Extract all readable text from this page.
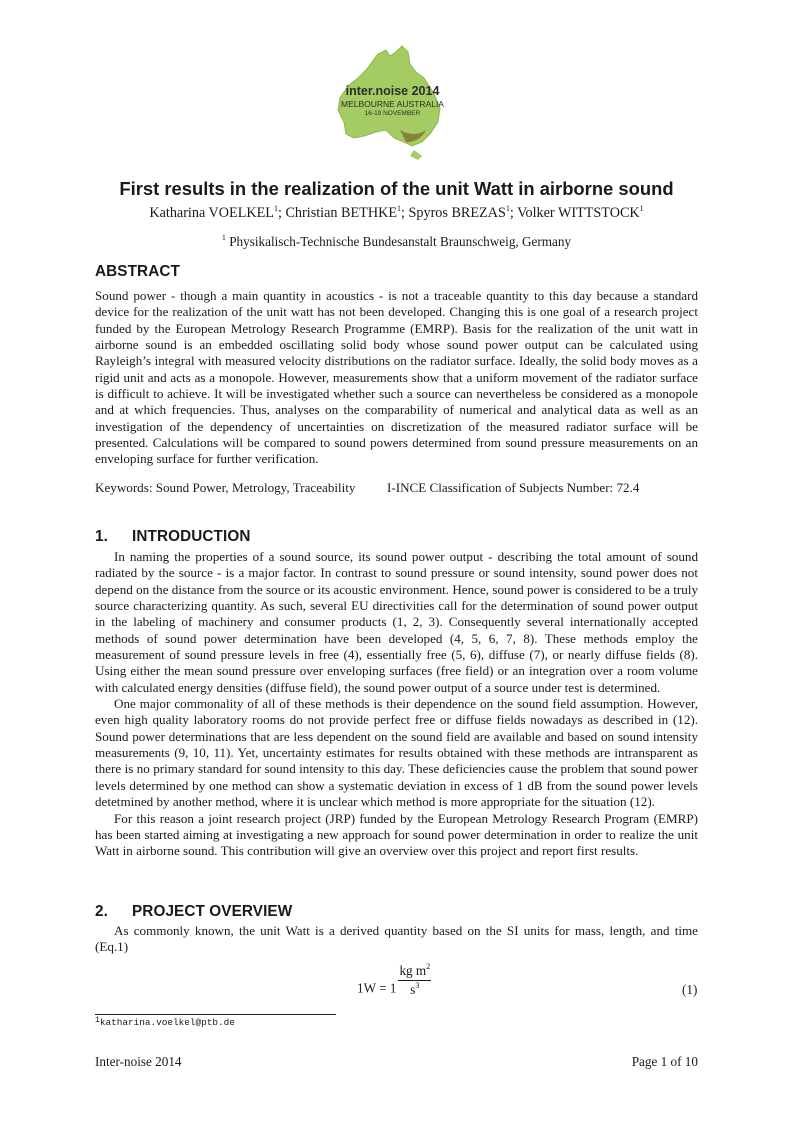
inter.noise 2014
MELBOURNE AUSTRALIA
16-19 NOVEMBER
First results in the realization of the unit Watt in airborne sound
Katharina VOELKEL$^1$; Christian BETHKE$^1$; Spyros BREZAS$^1$; Volker WITTSTOCK$^1$
$^1$ Physikalisch-Technische Bundesanstalt Braunschweig, Germany
ABSTRACT

Sound power - though a main quantity in acoustics - is not a traceable quantity to this day because a standard device for the realization of the unit watt has not been developed. Changing this is one goal of a research project funded by the European Metrology Research Programme (EMRP). Basis for the realization of the unit watt in airborne sound is an embedded oscillating solid body whose sound power output can be calculated using Rayleigh’s integral with measured velocity distributions on the radiator surface. Ideally, the solid body moves as a rigid unit and acts as a monopole. However, measurements show that a uniform movement of the radiator surface is difficult to achieve. It will be investigated whether such a source can nevertheless be considered as a monopole and at which frequencies. Thus, analyses on the comparability of numerical and analytical data as well as an investigation of the dependency of uncertainties on discretization of the measured radiator surface will be presented. Calculations will be compared to sound powers determined from sound pressure measurements on an enveloping surface for further verification.

Keywords: Sound Power, Metrology, Traceability I-INCE Classification of Subjects Number: 72.4
1. INTRODUCTION

In naming the properties of a sound source, its sound power output - describing the total amount of sound radiated by the source - is a major factor. In contrast to sound pressure or sound intensity, sound power does not depend on the distance from the source or its acoustic environment. Hence, sound power is considered to be a truly source characterizing quantity. As such, several EU directivities call for the determination of sound power output in the labeling of machinery and consumer products (1, 2, 3). Consequently several internationally accepted methods of sound power determination have been developed (4, 5, 6, 7, 8). These methods employ the measurement of sound pressure levels in free (4), essentially free (5, 6), diffuse (7), or nearly diffuse fields (8). Using either the mean sound pressure over enveloping surfaces (free field) or an integration over a room volume with calculated energy densities (diffuse field), the sound power output of a source under test is determined.

One major commonality of all of these methods is their dependence on the sound field assumption. However, even high quality laboratory rooms do not provide perfect free or diffuse fields nowadays as described in (12). Sound power determinations that are less dependent on the sound field are available and based on sound intensity measurements (9, 10, 11). Yet, uncertainty estimates for results obtained with these methods are intransparent as there is no primary standard for sound intensity to this day. These deficiencies cause the problem that sound power levels determined by one method can show a systematic deviation in excess of 1 dB from the sound power levels detetmined by another method, where it is unclear which method is more appropriate for the situation (12).

For this reason a joint research project (JRP) funded by the European Metrology Research Program (EMRP) has been started aiming at investigating a new approach for sound power determination in order to realize the unit Watt in airborne sound. This contribution will give an overview over this project and report first results.

2. PROJECT OVERVIEW

As commonly known, the unit Watt is a derived quantity based on the SI units for mass, length, and time (Eq.1)

$1W = 1 \frac{kg m^2}{s^3}$	(1)
$^1$katharina.voelkel@ptb.de
Inter-noise 2014	Page 1 of 10
